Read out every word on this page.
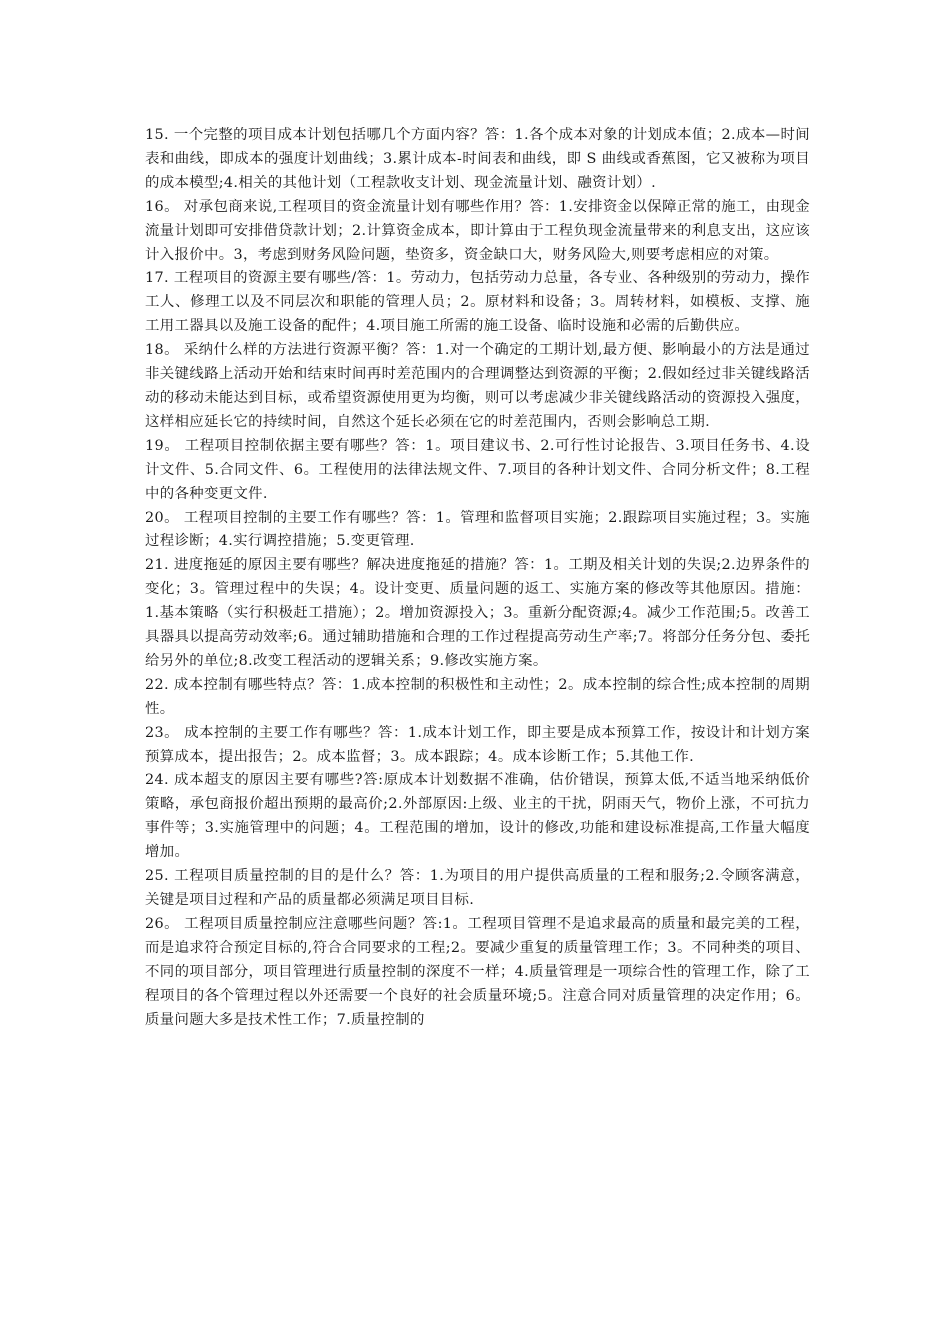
15. 一个完整的项目成本计划包括哪几个方面内容？答：1.各个成本对象的计划成本值；2.成本—时间表和曲线，即成本的强度计划曲线；3.累计成本-时间表和曲线，即 S 曲线或香蕉图，它又被称为项目的成本模型;4.相关的其他计划（工程款收支计划、现金流量计划、融资计划）.

16。 对承包商来说,工程项目的资金流量计划有哪些作用？答：1.安排资金以保障正常的施工，由现金流量计划即可安排借贷款计划；2.计算资金成本，即计算由于工程负现金流量带来的利息支出，这应该计入报价中。3，考虑到财务风险问题，垫资多，资金缺口大，财务风险大,则要考虑相应的对策。

17. 工程项目的资源主要有哪些/答：1。劳动力，包括劳动力总量，各专业、各种级别的劳动力，操作工人、修理工以及不同层次和职能的管理人员；2。原材料和设备；3。周转材料，如模板、支撑、施工用工器具以及施工设备的配件；4.项目施工所需的施工设备、临时设施和必需的后勤供应。

18。 采纳什么样的方法进行资源平衡？答：1.对一个确定的工期计划,最方便、影响最小的方法是通过非关键线路上活动开始和结束时间再时差范围内的合理调整达到资源的平衡；2.假如经过非关键线路活动的移动未能达到目标，或希望资源使用更为均衡，则可以考虑减少非关键线路活动的资源投入强度，这样相应延长它的持续时间，自然这个延长必须在它的时差范围内，否则会影响总工期.

19。 工程项目控制依据主要有哪些？答：1。项目建议书、2.可行性讨论报告、3.项目任务书、4.设计文件、5.合同文件、6。工程使用的法律法规文件、7.项目的各种计划文件、合同分析文件；8.工程中的各种变更文件.

20。 工程项目控制的主要工作有哪些？答：1。管理和监督项目实施；2.跟踪项目实施过程；3。实施过程诊断；4.实行调控措施；5.变更管理.

21. 进度拖延的原因主要有哪些？解决进度拖延的措施？答：1。工期及相关计划的失误;2.边界条件的变化；3。管理过程中的失误；4。设计变更、质量问题的返工、实施方案的修改等其他原因。措施：1.基本策略（实行积极赶工措施）；2。增加资源投入；3。重新分配资源;4。减少工作范围;5。改善工具器具以提高劳动效率;6。通过辅助措施和合理的工作过程提高劳动生产率;7。将部分任务分包、委托给另外的单位;8.改变工程活动的逻辑关系；9.修改实施方案。

22. 成本控制有哪些特点？答：1.成本控制的积极性和主动性；2。成本控制的综合性;成本控制的周期性。

23。 成本控制的主要工作有哪些？答：1.成本计划工作，即主要是成本预算工作，按设计和计划方案预算成本，提出报告；2。成本监督；3。成本跟踪；4。成本诊断工作；5.其他工作.

24. 成本超支的原因主要有哪些?答:原成本计划数据不准确，估价错误，预算太低,不适当地采纳低价策略，承包商报价超出预期的最高价;2.外部原因:上级、业主的干扰，阴雨天气，物价上涨，不可抗力事件等；3.实施管理中的问题；4。工程范围的增加，设计的修改,功能和建设标准提高,工作量大幅度增加。

25. 工程项目质量控制的目的是什么？答：1.为项目的用户提供高质量的工程和服务;2.令顾客满意，关键是项目过程和产品的质量都必须满足项目目标.

26。 工程项目质量控制应注意哪些问题？答:1。工程项目管理不是追求最高的质量和最完美的工程，而是追求符合预定目标的,符合合同要求的工程;2。要减少重复的质量管理工作；3。不同种类的项目、不同的项目部分，项目管理进行质量控制的深度不一样；4.质量管理是一项综合性的管理工作，除了工程项目的各个管理过程以外还需要一个良好的社会质量环境;5。注意合同对质量管理的决定作用；6。质量问题大多是技术性工作；7.质量控制的
